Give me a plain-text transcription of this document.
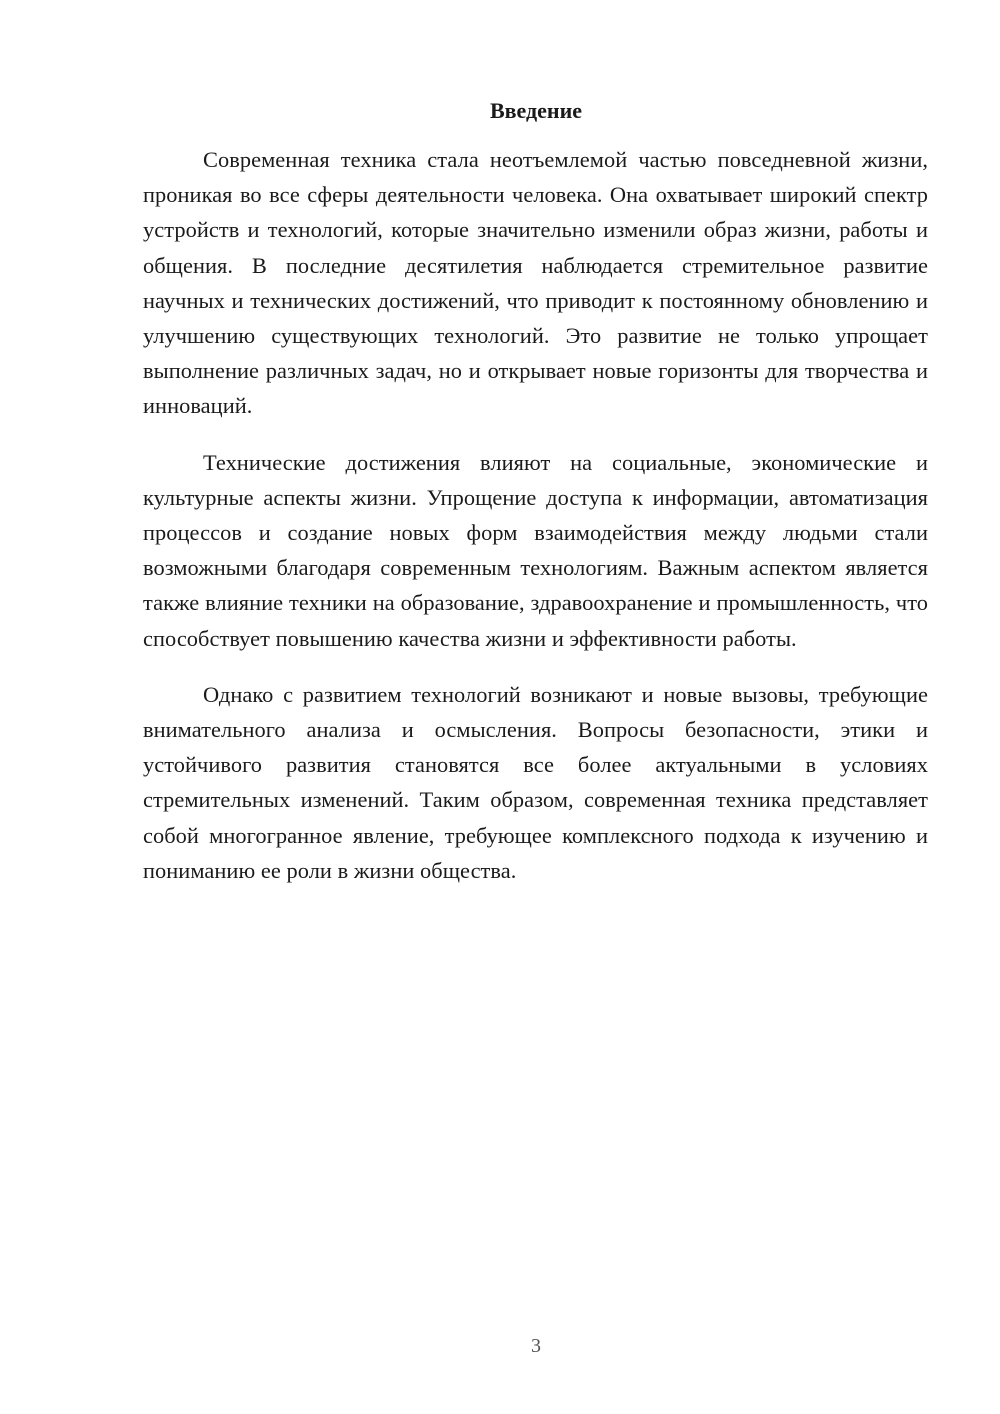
Введение

Современная техника стала неотъемлемой частью повседневной жизни, проникая во все сферы деятельности человека. Она охватывает широкий спектр устройств и технологий, которые значительно изменили образ жизни, работы и общения. В последние десятилетия наблюдается стремительное развитие научных и технических достижений, что приводит к постоянному обновлению и улучшению существующих технологий. Это развитие не только упрощает выполнение различных задач, но и открывает новые горизонты для творчества и инноваций.

Технические достижения влияют на социальные, экономические и культурные аспекты жизни. Упрощение доступа к информации, автоматизация процессов и создание новых форм взаимодействия между людьми стали возможными благодаря современным технологиям. Важным аспектом является также влияние техники на образование, здравоохранение и промышленность, что способствует повышению качества жизни и эффективности работы.

Однако с развитием технологий возникают и новые вызовы, требующие внимательного анализа и осмысления. Вопросы безопасности, этики и устойчивого развития становятся все более актуальными в условиях стремительных изменений. Таким образом, современная техника представляет собой многогранное явление, требующее комплексного подхода к изучению и пониманию ее роли в жизни общества.

3
